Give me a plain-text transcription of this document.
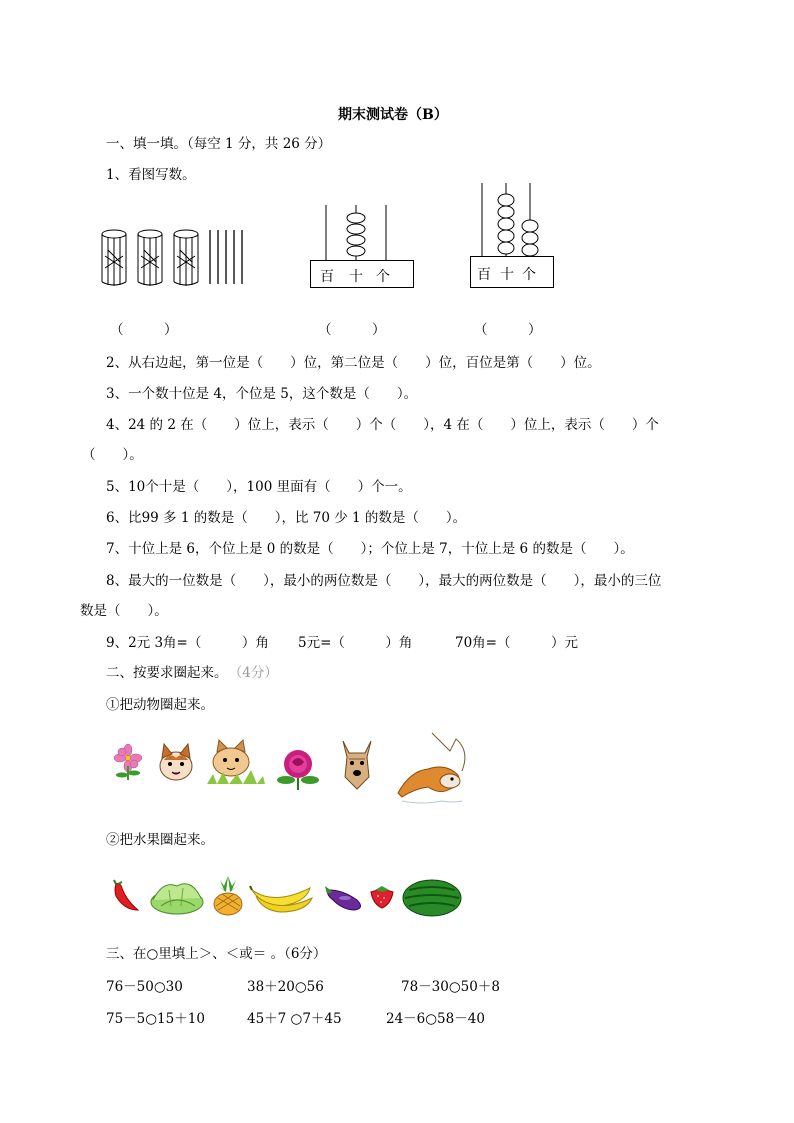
期末测试卷（B）
一、填一填。（每空 1 分，共 26 分）
1、看图写数。
百 十 个	百 十 个
（　　　）	（　　　）	（　　　）
2、从右边起，第一位是（　　）位，第二位是（　　）位，百位是第（　　）位。
3、一个数十位是 4，个位是 5，这个数是（　　）。
4、24 的 2 在（　　）位上，表示（　　）个（　　），4 在（　　）位上，表示（　　）个
（　　）。
5、10个十是（　　），100 里面有（　　）个一。
6、比99 多 1 的数是（　　），比 70 少 1 的数是（　　）。
7、十位上是 6，个位上是 0 的数是（　　）；个位上是 7，十位上是 6 的数是（　　）。
8、最大的一位数是（　　），最小的两位数是（　　），最大的两位数是（　　），最小的三位
数是（　　）。
9、2元 3角=（　　　）角 5元=（　　　）角	70角=（　　　）元
二、按要求圈起来。 （4分）
①把动物圈起来。
②把水果圈起来。
三、在○里填上＞、＜或＝ 。（6分）
76－50○30	38＋20○56	78－30○50＋8
75－5○15＋10	45＋7 ○7＋45	24－6○58－40
